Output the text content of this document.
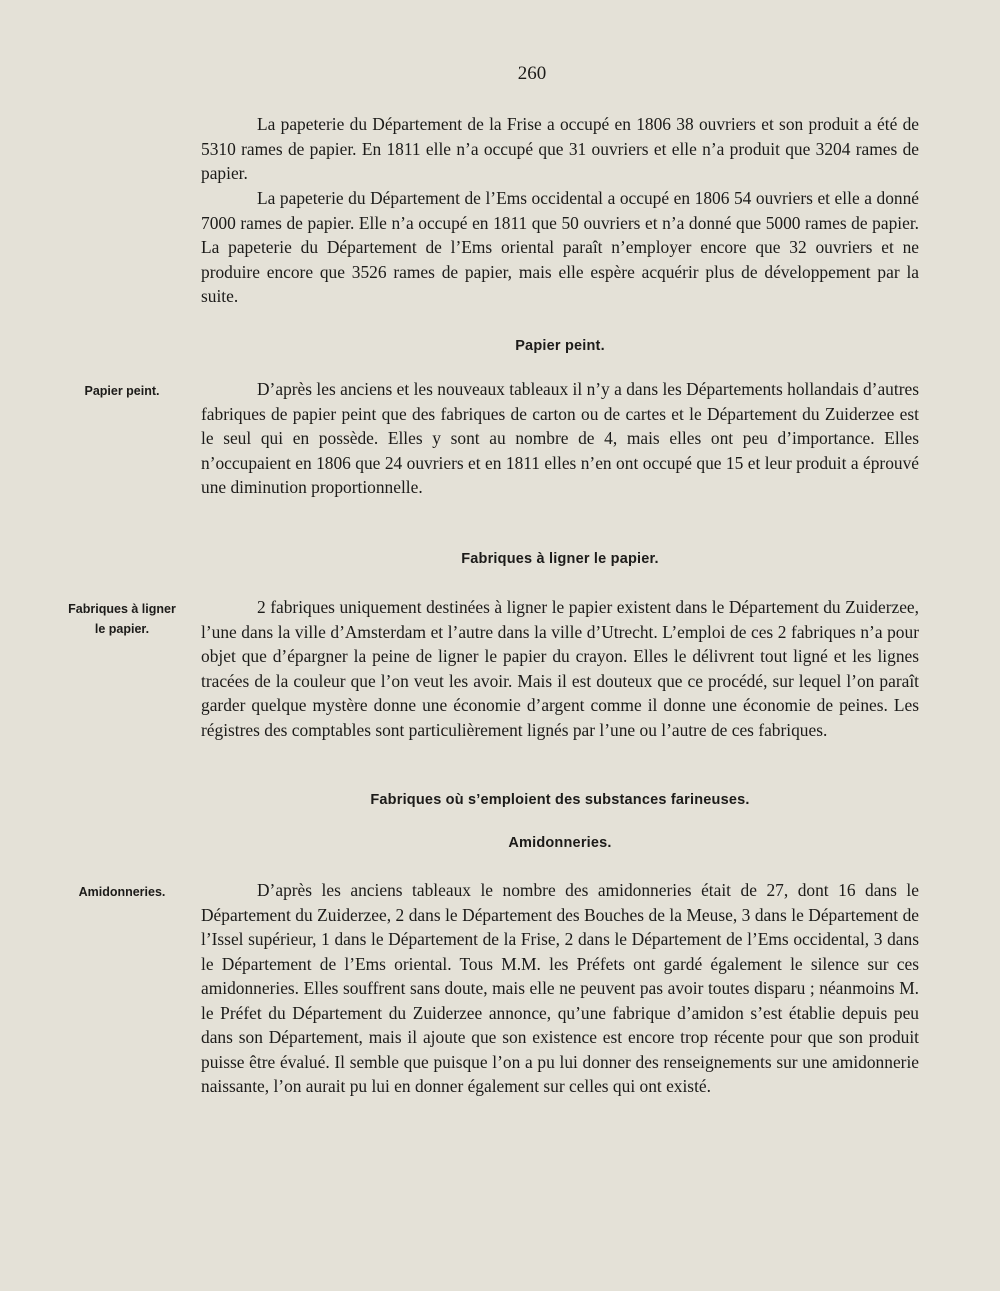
260

La papeterie du Département de la Frise a occupé en 1806 38 ouvriers et son produit a été de 5310 rames de papier. En 1811 elle n’a occupé que 31 ouvriers et elle n’a produit que 3204 rames de papier.

La papeterie du Département de l’Ems occidental a occupé en 1806 54 ouvriers et elle a donné 7000 rames de papier. Elle n’a occupé en 1811 que 50 ouvriers et n’a donné que 5000 rames de papier. La papeterie du Département de l’Ems oriental paraît n’employer encore que 32 ouvriers et ne produire encore que 3526 rames de papier, mais elle espère acquérir plus de développement par la suite.

Papier peint.
Papier peint.	D’après les anciens et les nouveaux tableaux il n’y a dans les Départements hollandais d’autres fabriques de papier peint que des fabriques de carton ou de cartes et le Département du Zuiderzee est le seul qui en possède. Elles y sont au nombre de 4, mais elles ont peu d’importance. Elles n’occupaient en 1806 que 24 ouvriers et en 1811 elles n’en ont occupé que 15 et leur produit a éprouvé une diminution proportionnelle.

Fabriques à ligner le papier.
Fabriques à ligner
le papier.

2 fabriques uniquement destinées à ligner le papier existent dans le Département du Zuiderzee, l’une dans la ville d’Amsterdam et l’autre dans la ville d’Utrecht. L’emploi de ces 2 fabriques n’a pour objet que d’épargner la peine de ligner le papier du crayon. Elles le délivrent tout ligné et les lignes tracées de la couleur que l’on veut les avoir. Mais il est douteux que ce procédé, sur lequel l’on paraît garder quelque mystère donne une économie d’argent comme il donne une économie de peines. Les régistres des comptables sont particulièrement lignés par l’une ou l’autre de ces fabriques.

Fabriques où s’emploient des substances farineuses.
Amidonneries.
Amidonneries.	D’après les anciens tableaux le nombre des amidonneries était de 27, dont 16 dans le Département du Zuiderzee, 2 dans le Département des Bouches de la Meuse, 3 dans le Département de l’Issel supérieur, 1 dans le Département de la Frise, 2 dans le Département de l’Ems occidental, 3 dans le Département de l’Ems oriental. Tous M.M. les Préfets ont gardé également le silence sur ces amidonneries. Elles souffrent sans doute, mais elle ne peuvent pas avoir toutes disparu ; néanmoins M. le Préfet du Département du Zuiderzee annonce, qu’une fabrique d’amidon s’est établie depuis peu dans son Département, mais il ajoute que son existence est encore trop récente pour que son produit puisse être évalué. Il semble que puisque l’on a pu lui donner des renseignements sur une amidonnerie naissante, l’on aurait pu lui en donner également sur celles qui ont existé.
